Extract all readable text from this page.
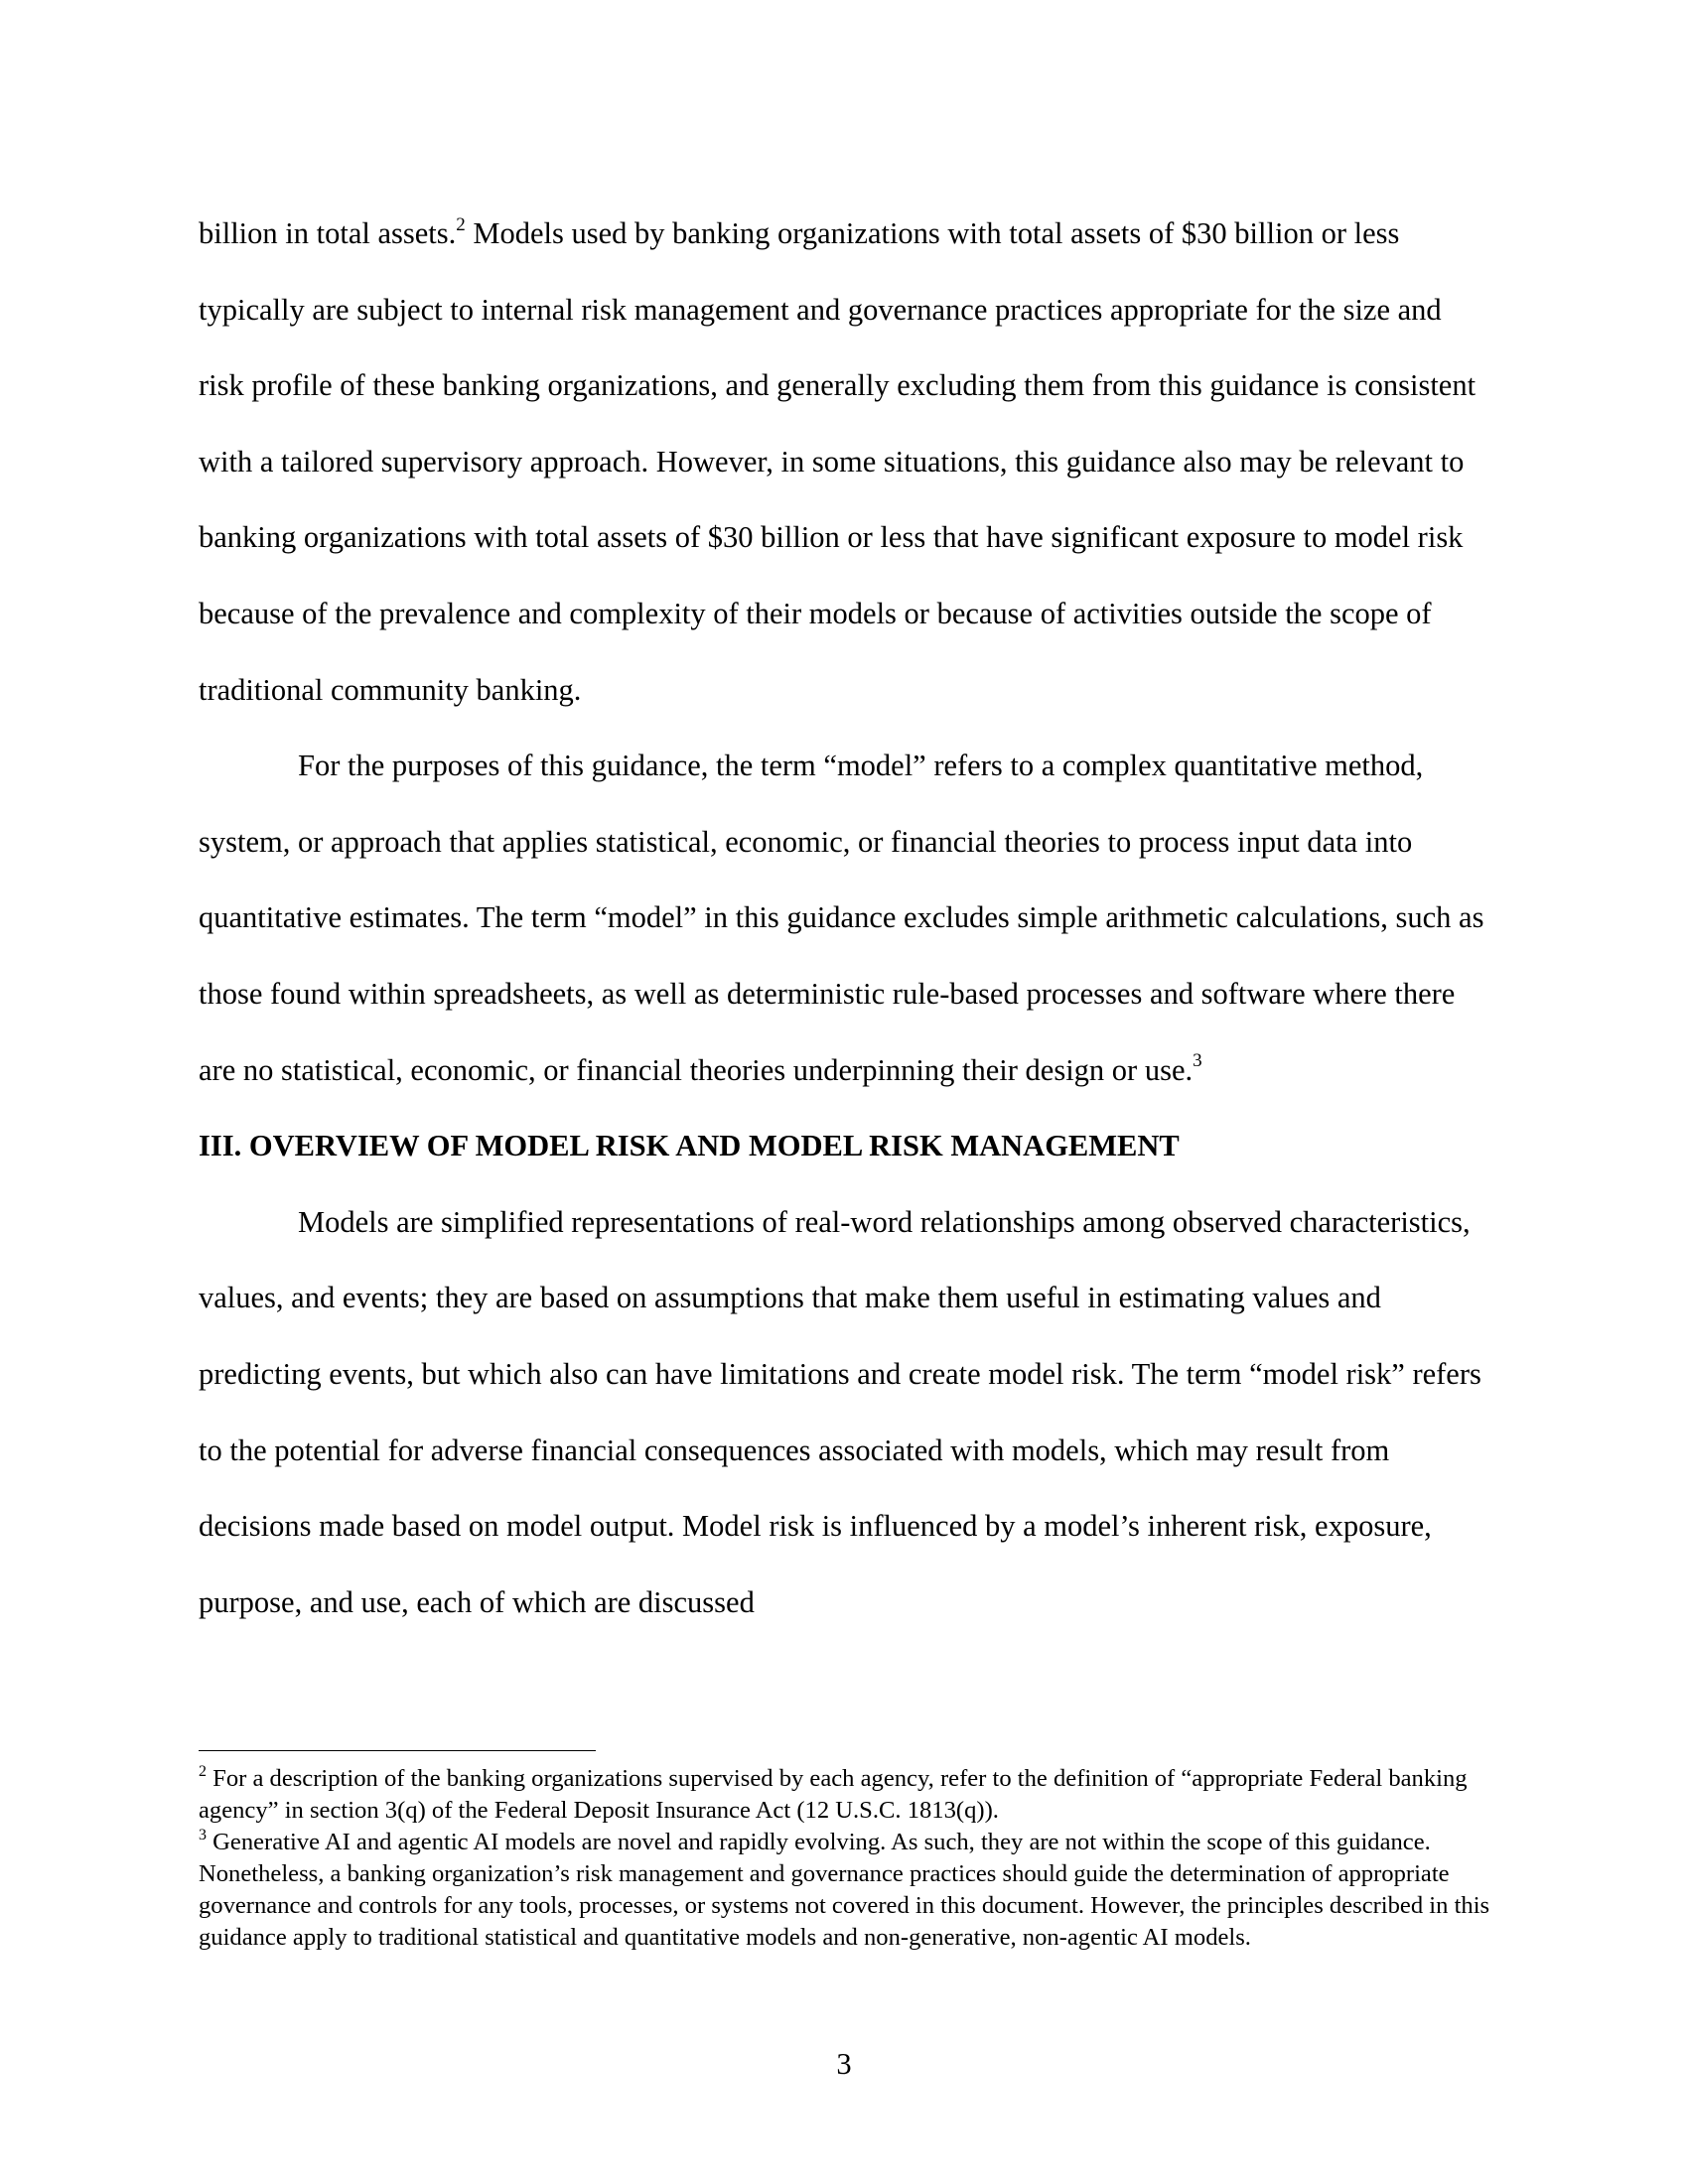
billion in total assets.$^2$ Models used by banking organizations with total assets of $30 billion or less typically are subject to internal risk management and governance practices appropriate for the size and risk profile of these banking organizations, and generally excluding them from this guidance is consistent with a tailored supervisory approach. However, in some situations, this guidance also may be relevant to banking organizations with total assets of $30 billion or less that have significant exposure to model risk because of the prevalence and complexity of their models or because of activities outside the scope of traditional community banking.

For the purposes of this guidance, the term “model” refers to a complex quantitative method, system, or approach that applies statistical, economic, or financial theories to process input data into quantitative estimates. The term “model” in this guidance excludes simple arithmetic calculations, such as those found within spreadsheets, as well as deterministic rule-based processes and software where there are no statistical, economic, or financial theories underpinning their design or use.$^3$

III. OVERVIEW OF MODEL RISK AND MODEL RISK MANAGEMENT

Models are simplified representations of real-word relationships among observed characteristics, values, and events; they are based on assumptions that make them useful in estimating values and predicting events, but which also can have limitations and create model risk. The term “model risk” refers to the potential for adverse financial consequences associated with models, which may result from decisions made based on model output. Model risk is influenced by a model’s inherent risk, exposure, purpose, and use, each of which are discussed

$^2$ For a description of the banking organizations supervised by each agency, refer to the definition of “appropriate Federal banking agency” in section 3(q) of the Federal Deposit Insurance Act (12 U.S.C. 1813(q)).

$^3$ Generative AI and agentic AI models are novel and rapidly evolving. As such, they are not within the scope of this guidance. Nonetheless, a banking organization’s risk management and governance practices should guide the determination of appropriate governance and controls for any tools, processes, or systems not covered in this document. However, the principles described in this guidance apply to traditional statistical and quantitative models and non-generative, non-agentic AI models.

3
